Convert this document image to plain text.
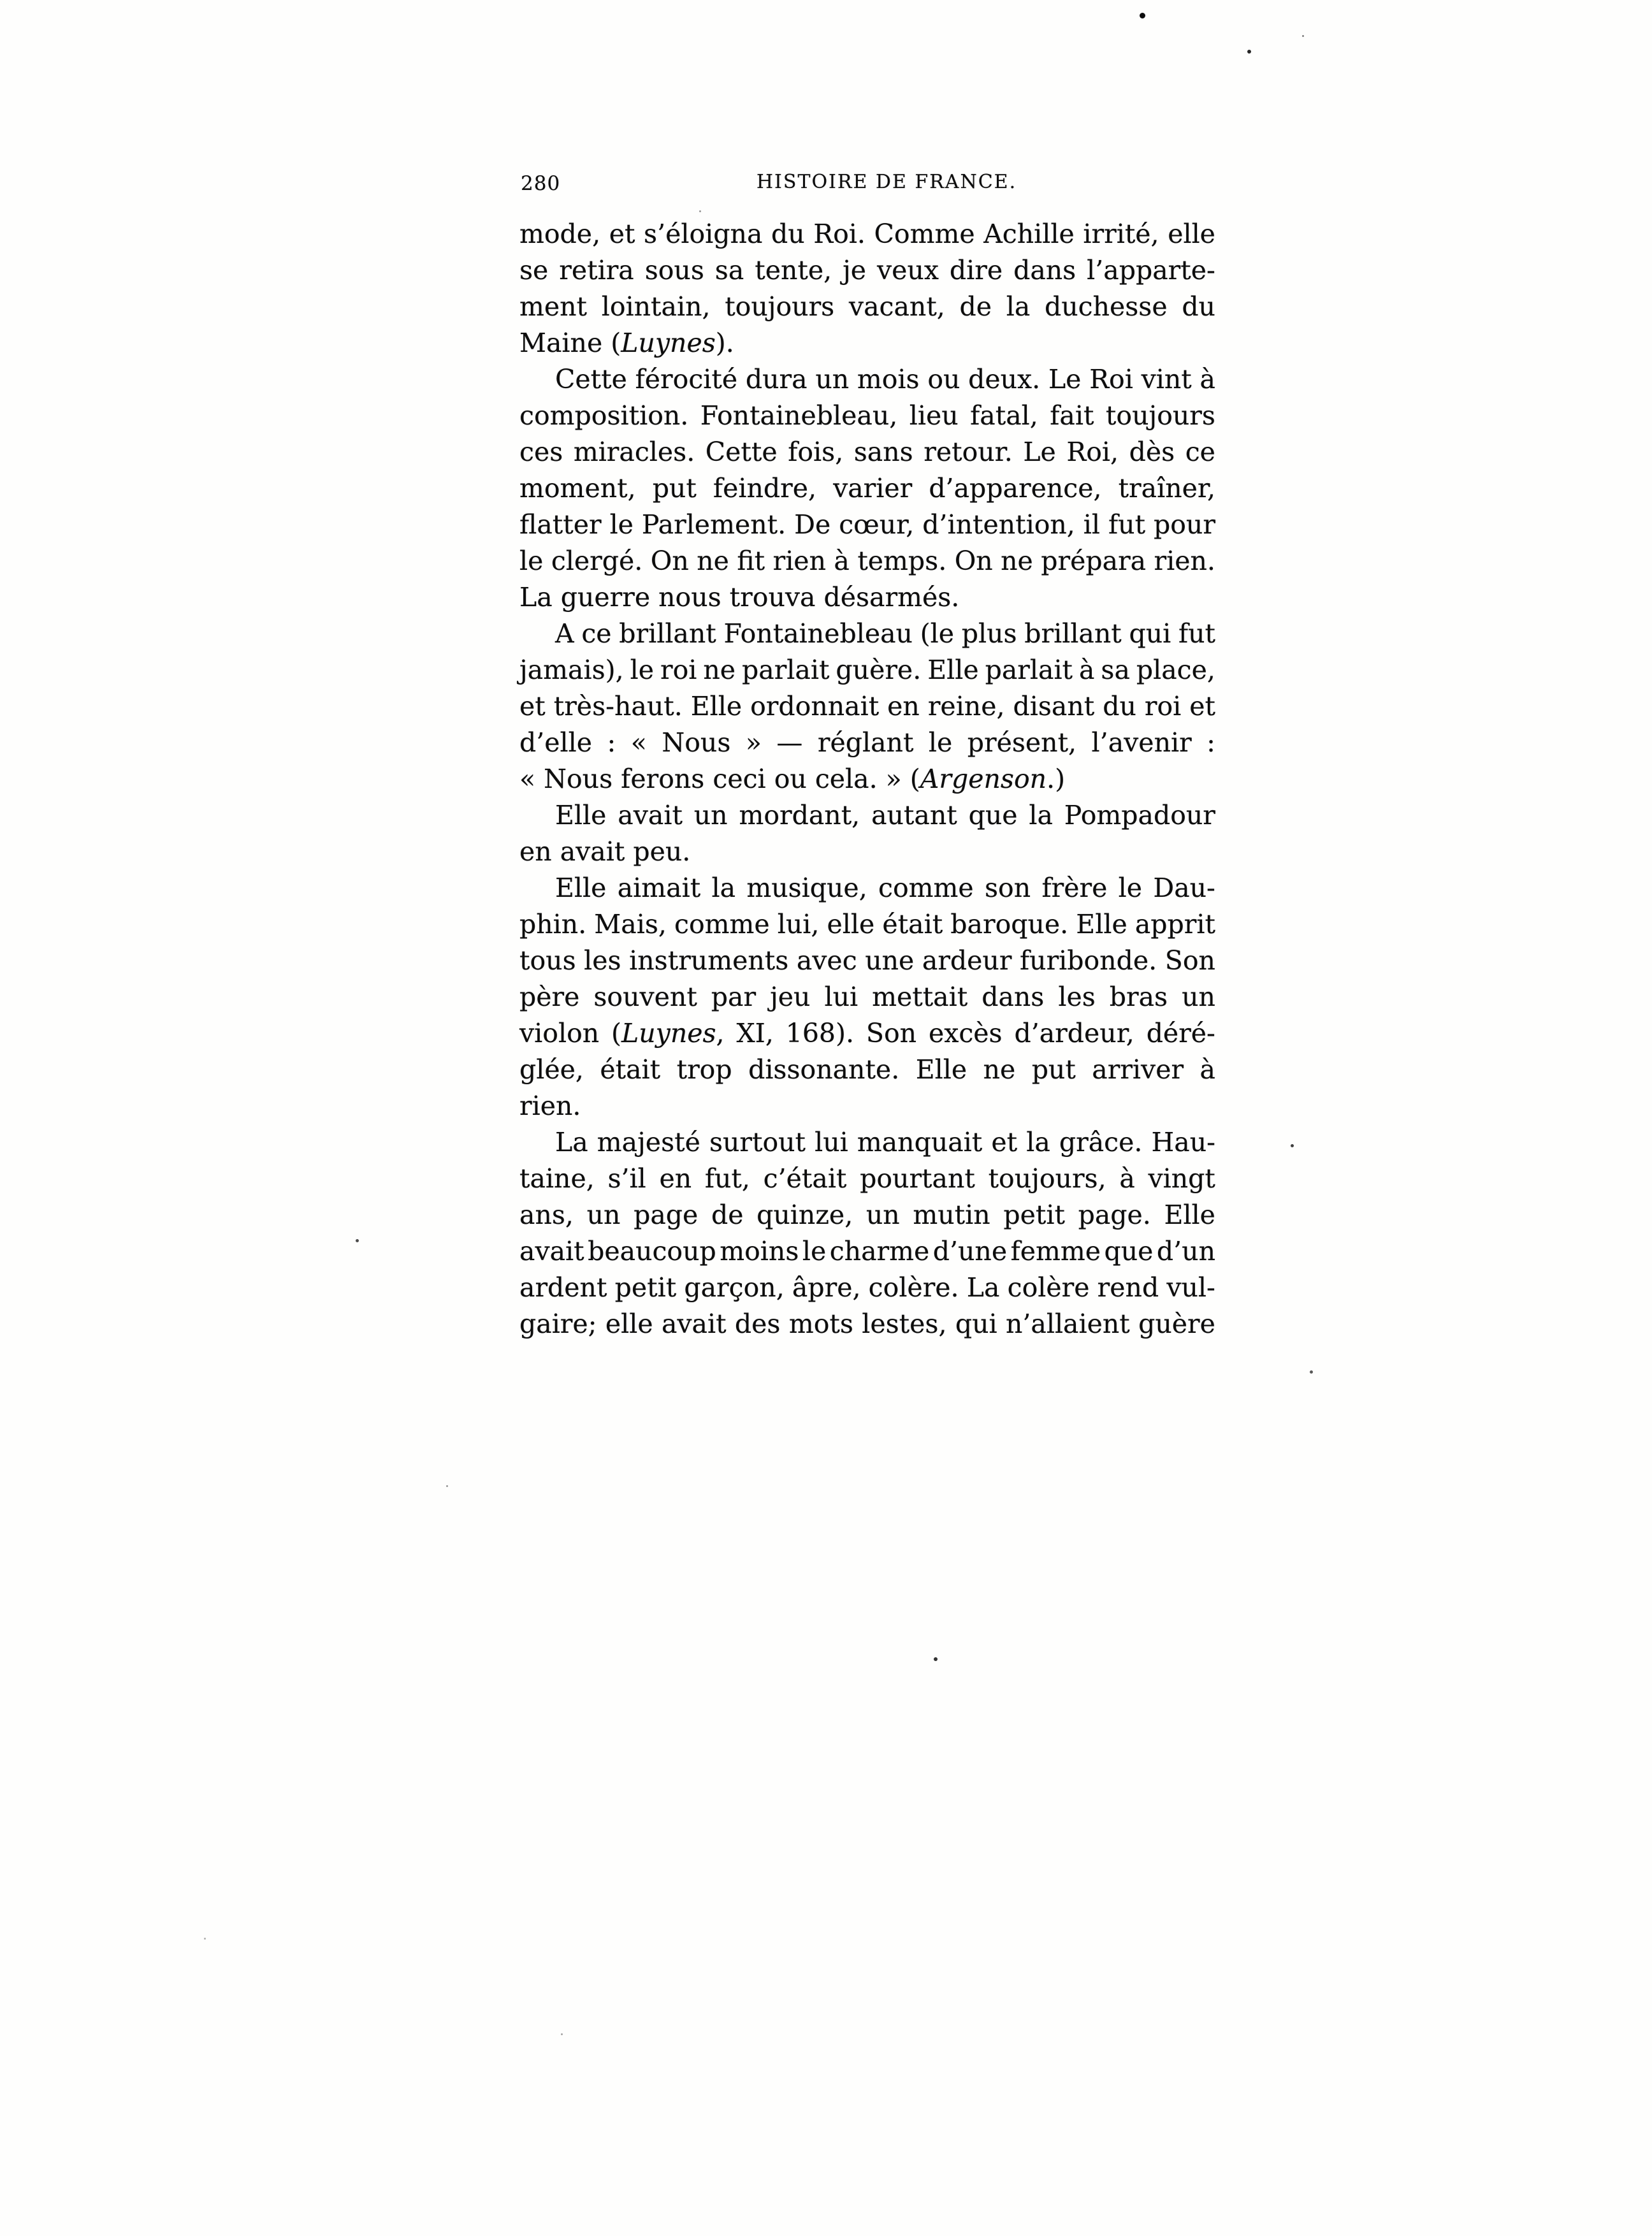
280	HISTOIRE DE FRANCE.
mode, et s’éloigna du Roi. Comme Achille irrité, elle
se retira sous sa tente, je veux dire dans l’apparte-
ment lointain, toujours vacant, de la duchesse du
Maine (Luynes).
Cette férocité dura un mois ou deux. Le Roi vint à
composition. Fontainebleau, lieu fatal, fait toujours
ces miracles. Cette fois, sans retour. Le Roi, dès ce
moment, put feindre, varier d’apparence, traîner,
flatter le Parlement. De cœur, d’intention, il fut pour
le clergé. On ne fit rien à temps. On ne prépara rien.
La guerre nous trouva désarmés.
A ce brillant Fontainebleau (le plus brillant qui fut
jamais), le roi ne parlait guère. Elle parlait à sa place,
et très-haut. Elle ordonnait en reine, disant du roi et
d’elle : « Nous » — réglant le présent, l’avenir :
« Nous ferons ceci ou cela. » (Argenson.)
Elle avait un mordant, autant que la Pompadour
en avait peu.
Elle aimait la musique, comme son frère le Dau-
phin. Mais, comme lui, elle était baroque. Elle apprit
tous les instruments avec une ardeur furibonde. Son
père souvent par jeu lui mettait dans les bras un
violon (Luynes, XI, 168). Son excès d’ardeur, déré-
glée, était trop dissonante. Elle ne put arriver à
rien.
La majesté surtout lui manquait et la grâce. Hau-
taine, s’il en fut, c’était pourtant toujours, à vingt
ans, un page de quinze, un mutin petit page. Elle
avait beaucoup moins le charme d’une femme que d’un
ardent petit garçon, âpre, colère. La colère rend vul-
gaire; elle avait des mots lestes, qui n’allaient guère
